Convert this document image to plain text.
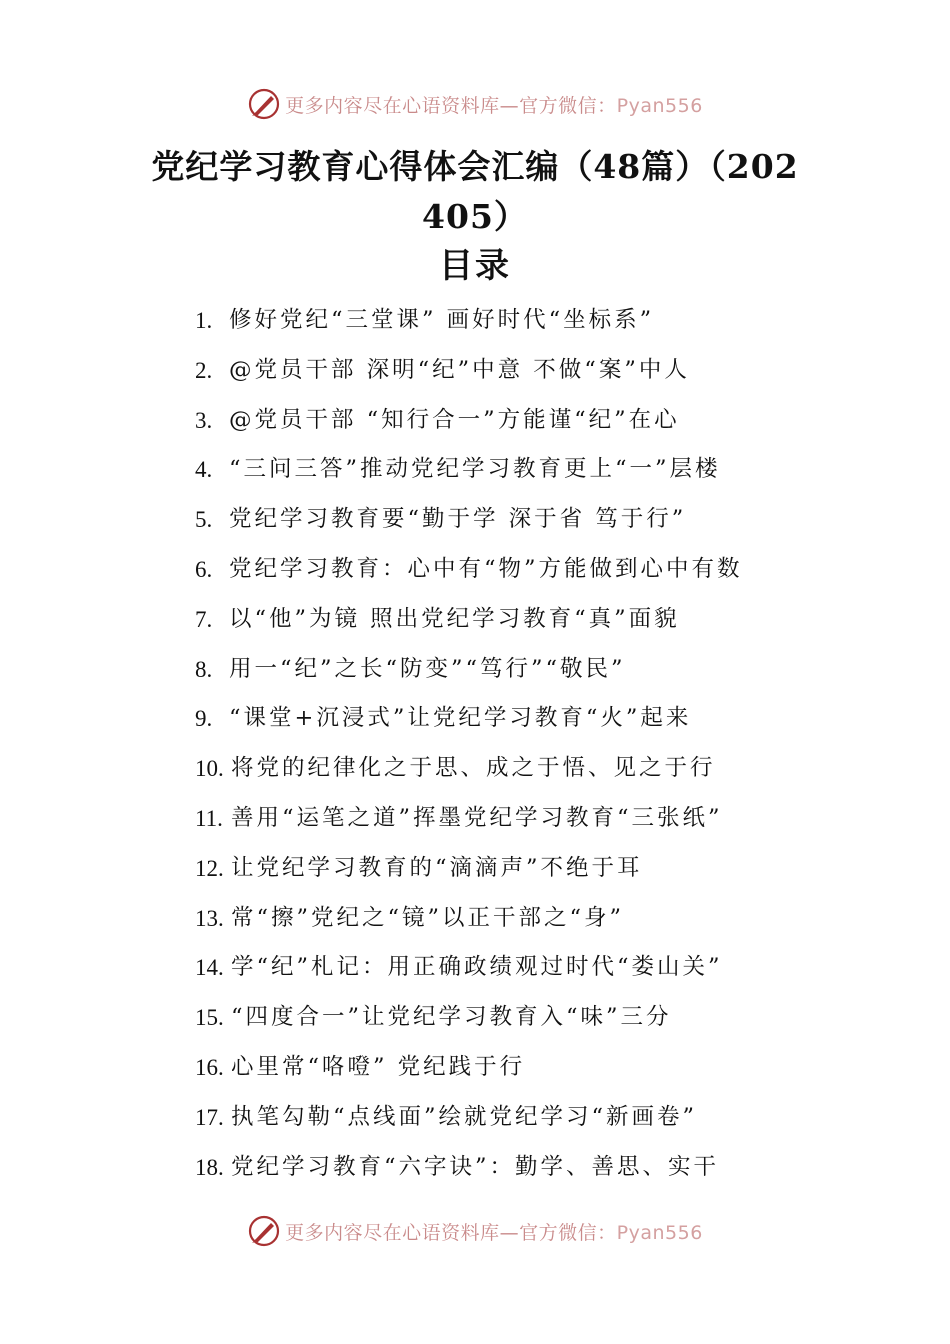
更多内容尽在心语资料库—官方微信：Pyan556
党纪学习教育心得体会汇编（48篇）（202405）
目录
1. 修好党纪“三堂课” 画好时代“坐标系”
2. @党员干部 深明“纪”中意 不做“案”中人
3. @党员干部 “知行合一”方能谨“纪”在心
4. “三问三答”推动党纪学习教育更上“一”层楼
5. 党纪学习教育要“勤于学 深于省 笃于行”
6. 党纪学习教育：心中有“物”方能做到心中有数
7. 以“他”为镜 照出党纪学习教育“真”面貌
8. 用一“纪”之长“防变”“笃行”“敬民”
9. “课堂+沉浸式”让党纪学习教育“火”起来
10. 将党的纪律化之于思、成之于悟、见之于行
11. 善用“运笔之道”挥墨党纪学习教育“三张纸”
12. 让党纪学习教育的“滴滴声”不绝于耳
13. 常“擦”党纪之“镜”以正干部之“身”
14. 学“纪”札记：用正确政绩观过时代“娄山关”
15. “四度合一”让党纪学习教育入“味”三分
16. 心里常“咯噔” 党纪践于行
17. 执笔勾勒“点线面”绘就党纪学习“新画卷”
18. 党纪学习教育“六字诀”：勤学、善思、实干
更多内容尽在心语资料库—官方微信：Pyan556
